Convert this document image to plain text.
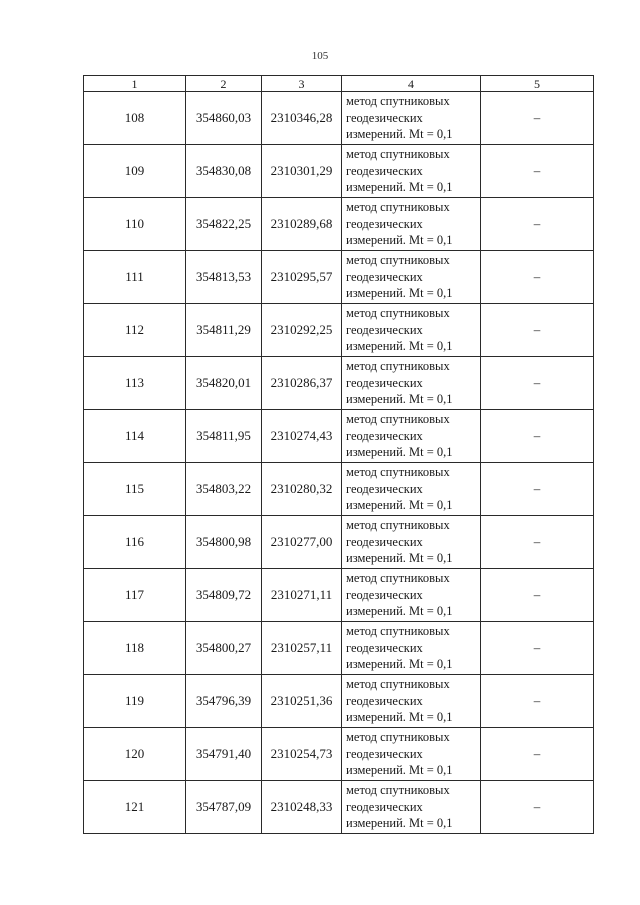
105
1	2	3	4	5
108	354860,03	2310346,28	метод спутниковых
геодезических
измерений. Mt = 0,1	–
109	354830,08	2310301,29	метод спутниковых
геодезических
измерений. Mt = 0,1	–
110	354822,25	2310289,68	метод спутниковых
геодезических
измерений. Mt = 0,1	–
111	354813,53	2310295,57	метод спутниковых
геодезических
измерений. Mt = 0,1	–
112	354811,29	2310292,25	метод спутниковых
геодезических
измерений. Mt = 0,1	–
113	354820,01	2310286,37	метод спутниковых
геодезических
измерений. Mt = 0,1	–
114	354811,95	2310274,43	метод спутниковых
геодезических
измерений. Mt = 0,1	–
115	354803,22	2310280,32	метод спутниковых
геодезических
измерений. Mt = 0,1	–
116	354800,98	2310277,00	метод спутниковых
геодезических
измерений. Mt = 0,1	–
117	354809,72	2310271,11	метод спутниковых
геодезических
измерений. Mt = 0,1	–
118	354800,27	2310257,11	метод спутниковых
геодезических
измерений. Mt = 0,1	–
119	354796,39	2310251,36	метод спутниковых
геодезических
измерений. Mt = 0,1	–
120	354791,40	2310254,73	метод спутниковых
геодезических
измерений. Mt = 0,1	–
121	354787,09	2310248,33	метод спутниковых
геодезических
измерений. Mt = 0,1	–
